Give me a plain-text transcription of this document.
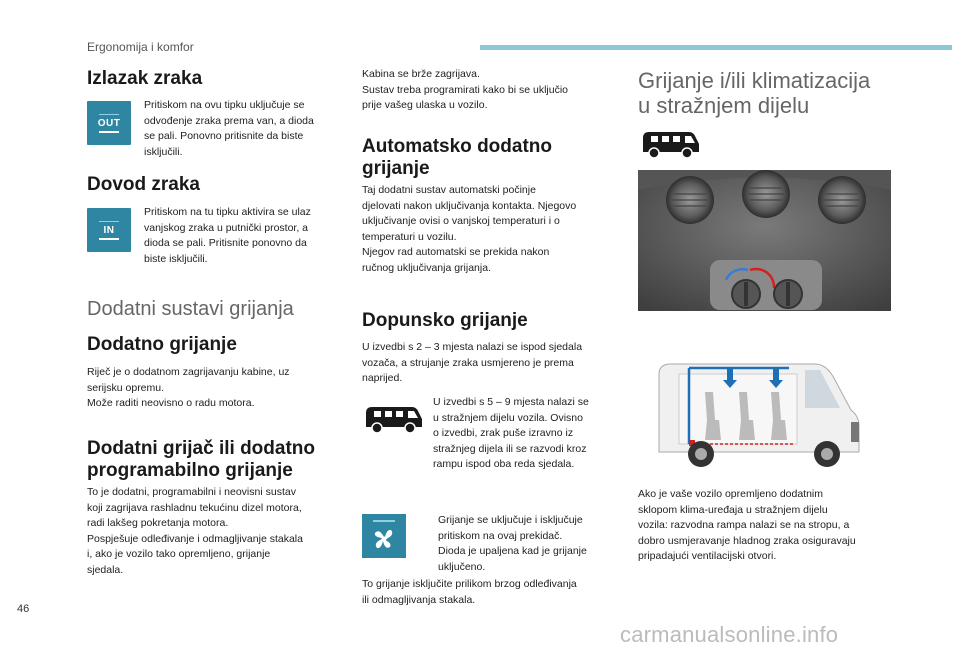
Ergonomija i komfor
Izlazak zraka
OUT
Pritiskom na ovu tipku uključuje se
odvođenje zraka prema van, a dioda
se pali. Ponovno pritisnite da biste
isključili.
Dovod zraka
IN
Pritiskom na tu tipku aktivira se ulaz
vanjskog zraka u putnički prostor, a
dioda se pali. Pritisnite ponovno da
biste isključili.
Dodatni sustavi grijanja
Dodatno grijanje
Riječ je o dodatnom zagrijavanju kabine, uz
serijsku opremu.
Može raditi neovisno o radu motora.
Dodatni grijač ili dodatno
programabilno grijanje
To je dodatni, programabilni i neovisni sustav
koji zagrijava rashladnu tekućinu dizel motora,
radi lakšeg pokretanja motora.
Pospješuje odleđivanje i odmagljivanje stakala
i, ako je vozilo tako opremljeno, grijanje
sjedala.
Kabina se brže zagrijava.
Sustav treba programirati kako bi se uključio
prije vašeg ulaska u vozilo.
Automatsko dodatno
grijanje
Taj dodatni sustav automatski počinje
djelovati nakon uključivanja kontakta. Njegovo
uključivanje ovisi o vanjskoj temperaturi i o
temperaturi u vozilu.
Njegov rad automatski se prekida nakon
ručnog uključivanja grijanja.
Dopunsko grijanje
U izvedbi s 2 – 3 mjesta nalazi se ispod sjedala
vozača, a strujanje zraka usmjereno je prema
naprijed.
U izvedbi s 5 – 9 mjesta nalazi se
u stražnjem dijelu vozila. Ovisno
o izvedbi, zrak puše izravno iz
stražnjeg dijela ili se razvodi kroz
rampu ispod oba reda sjedala.
Grijanje se uključuje i isključuje
pritiskom na ovaj prekidač.
Dioda je upaljena kad je grijanje
uključeno.
To grijanje isključite prilikom brzog odleđivanja
ili odmagljivanja stakala.
Grijanje i/ili klimatizacija
u stražnjem dijelu
Ako je vaše vozilo opremljeno dodatnim
sklopom klima-uređaja u stražnjem dijelu
vozila: razvodna rampa nalazi se na stropu, a
dobro usmjeravanje hladnog zraka osiguravaju
pripadajući ventilacijski otvori.
46
carmanualsonline.info
